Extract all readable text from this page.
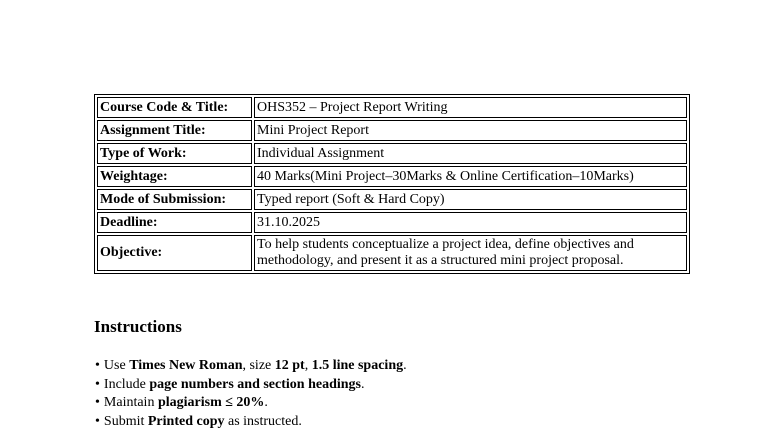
Course Code & Title:	OHS352 – Project Report Writing
Assignment Title:	Mini Project Report
Type of Work:	Individual Assignment
Weightage:	40 Marks(Mini Project–30Marks & Online Certification–10Marks)
Mode of Submission:	Typed report (Soft & Hard Copy)
Deadline:	31.10.2025
Objective:	To help students conceptualize a project idea, define objectives and methodology, and present it as a structured mini project proposal.
Instructions
• Use Times New Roman, size 12 pt, 1.5 line spacing.
• Include page numbers and section headings.
• Maintain plagiarism ≤ 20%.
• Submit Printed copy as instructed.
